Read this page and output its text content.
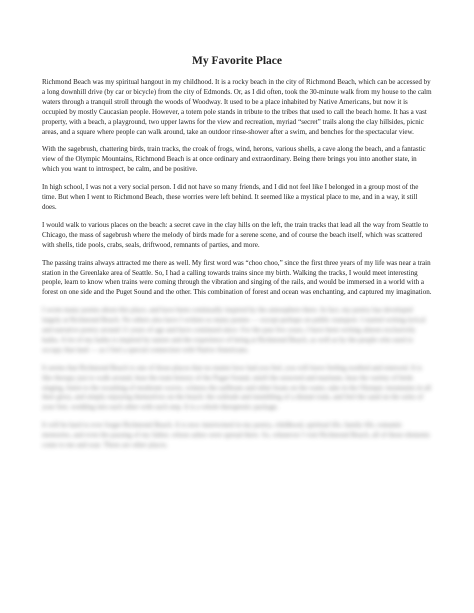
My Favorite Place

Richmond Beach was my spiritual hangout in my childhood. It is a rocky beach in the city of Richmond Beach, which can be accessed by a long downhill drive (by car or bicycle) from the city of Edmonds. Or, as I did often, took the 30-minute walk from my house to the calm waters through a tranquil stroll through the woods of Woodway. It used to be a place inhabited by Native Americans, but now it is occupied by mostly Caucasian people. However, a totem pole stands in tribute to the tribes that used to call the beach home. It has a vast property, with a beach, a playground, two upper lawns for the view and recreation, myriad “secret” trails along the clay hillsides, picnic areas, and a square where people can walk around, take an outdoor rinse-shower after a swim, and benches for the spectacular view.

With the sagebrush, chattering birds, train tracks, the croak of frogs, wind, herons, various shells, a cave along the beach, and a fantastic view of the Olympic Mountains, Richmond Beach is at once ordinary and extraordinary. Being there brings you into another state, in which you want to introspect, be calm, and be positive.

In high school, I was not a very social person. I did not have so many friends, and I did not feel like I belonged in a group most of the time. But when I went to Richmond Beach, these worries were left behind. It seemed like a mystical place to me, and in a way, it still does.

I would walk to various places on the beach: a secret cave in the clay hills on the left, the train tracks that lead all the way from Seattle to Chicago, the mass of sagebrush where the melody of birds made for a serene scene, and of course the beach itself, which was scattered with shells, tide pools, crabs, seals, driftwood, remnants of parties, and more.

The passing trains always attracted me there as well. My first word was “choo choo,” since the first three years of my life was near a train station in the Greenlake area of Seattle. So, I had a calling towards trains since my birth. Walking the tracks, I would meet interesting people, learn to know when trains were coming through the vibration and singing of the rails, and would be immersed in a world with a forest on one side and the Puget Sound and the other. This combination of forest and ocean was enchanting, and captured my imagination.

I wrote many poems about this place, and have been continually inspired by the atmosphere there. In fact, my poetry has developed largely at Richmond Beach. No others also have I written so many poems — except perhaps on public transport. I started writing lyrical and narrative poetry around 11 years of age and have continued since. For the past few years, I have been writing almost exclusively haiku. A lot of my haiku is inspired by nature and the experience of being at Richmond Beach, as well as by the people who used to occupy that land — as I feel a special connection with Native Americans.

It seems that Richmond Beach is one of those places that no matter how bad you feel, you will leave feeling soothed and renewed. It is like therapy just to walk around, hear the train history of the Puget Sound, smell the seaweed and marinate, hear the variety of birds singing, listen to the swashing of moderate waves, witness the sailboats and other boats on the water, take in the Olympic mountains in all their glory, and simply enjoying themselves on the beach: the solitude and mumbling of a distant train, and feel the sand on the soles of your feet, wedding into each other with each step. It is a whole therapeutic package.

It will be hard to ever forget Richmond Beach. It is now intertwined in my poetry, childhood, spiritual life, family life, romantic memories, and even the passing of my father, whose ashes were spread there. So, whenever I visit Richmond Beach, all of these elements come to me and soar. These are other places.
